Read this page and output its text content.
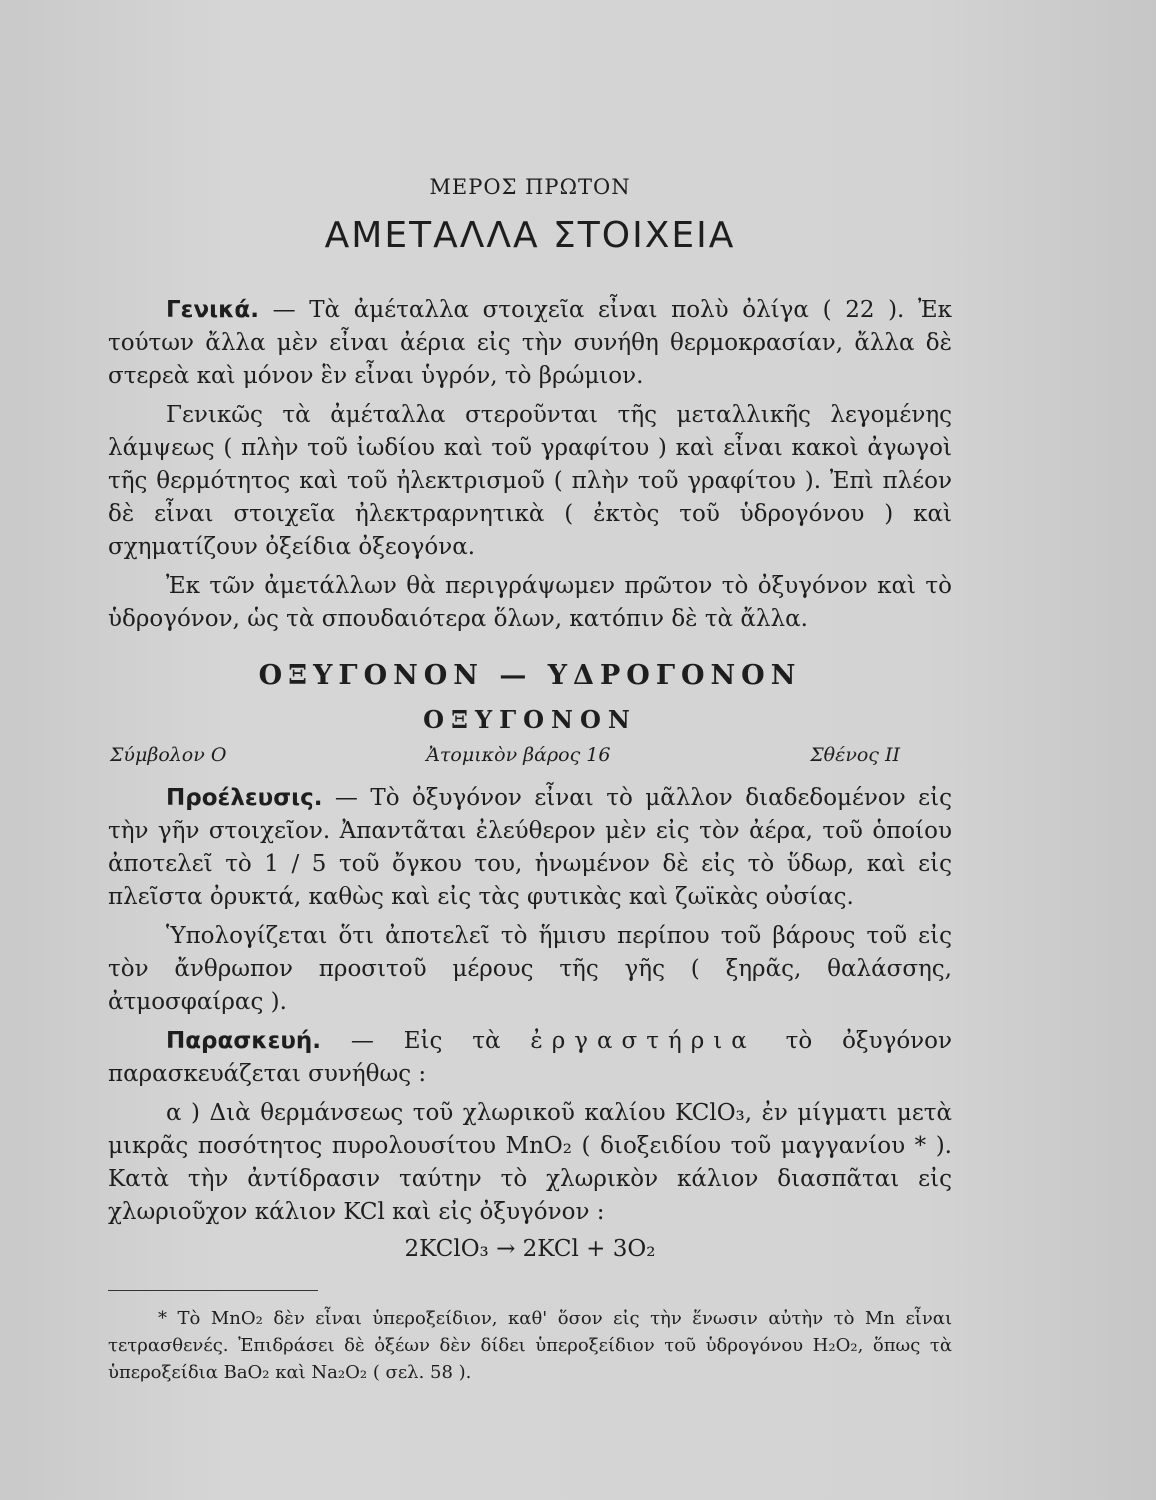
ΜΕΡΟΣ ΠΡΩΤΟΝ
ΑΜΕΤΑΛΛΑ ΣΤΟΙΧΕΙΑ

Γενικά. — Τὰ ἀμέταλλα στοιχεῖα εἶναι πολὺ ὀλίγα ( 22 ). Ἐκ τούτων ἄλλα μὲν εἶναι ἀέρια εἰς τὴν συνήθη θερμοκρασίαν, ἄλλα δὲ στερεὰ καὶ μόνον ἓν εἶναι ὑγρόν, τὸ βρώμιον.

Γενικῶς τὰ ἀμέταλλα στεροῦνται τῆς μεταλλικῆς λεγομένης λάμψεως ( πλὴν τοῦ ἰωδίου καὶ τοῦ γραφίτου ) καὶ εἶναι κακοὶ ἀγωγοὶ τῆς θερμότητος καὶ τοῦ ἠλεκτρισμοῦ ( πλὴν τοῦ γραφίτου ). Ἐπὶ πλέον δὲ εἶναι στοιχεῖα ἠλεκτραρνητικὰ ( ἐκτὸς τοῦ ὑδρογόνου ) καὶ σχηματίζουν ὀξείδια ὀξεογόνα.

Ἐκ τῶν ἀμετάλλων θὰ περιγράψωμεν πρῶτον τὸ ὀξυγόνον καὶ τὸ ὑδρογόνον, ὡς τὰ σπουδαιότερα ὅλων, κατόπιν δὲ τὰ ἄλλα.

ΟΞΥΓΟΝΟΝ — ΥΔΡΟΓΟΝΟΝ
ΟΞΥΓΟΝΟΝ
Σύμβολον Ο	Ἀτομικὸν βάρος 16	Σθένος ΙΙ

Προέλευσις. — Τὸ ὀξυγόνον εἶναι τὸ μᾶλλον διαδεδομένον εἰς τὴν γῆν στοιχεῖον. Ἀπαντᾶται ἐλεύθερον μὲν εἰς τὸν ἀέρα, τοῦ ὁποίου ἀποτελεῖ τὸ 1 / 5 τοῦ ὄγκου του, ἡνωμένον δὲ εἰς τὸ ὕδωρ, καὶ εἰς πλεῖστα ὀρυκτά, καθὼς καὶ εἰς τὰς φυτικὰς καὶ ζωϊκὰς οὐσίας.

Ὑπολογίζεται ὅτι ἀποτελεῖ τὸ ἥμισυ περίπου τοῦ βάρους τοῦ εἰς τὸν ἄνθρωπον προσιτοῦ μέρους τῆς γῆς ( ξηρᾶς, θαλάσσης, ἀτμοσφαίρας ).

Παρασκευή. — Εἰς τὰ ἐργαστήρια τὸ ὀξυγόνον παρασκευάζεται συνήθως :

α ) Διὰ θερμάνσεως τοῦ χλωρικοῦ καλίου KClO₃, ἐν μίγματι μετὰ μικρᾶς ποσότητος πυρολουσίτου MnO₂ ( διοξειδίου τοῦ μαγγανίου * ). Κατὰ τὴν ἀντίδρασιν ταύτην τὸ χλωρικὸν κάλιον διασπᾶται εἰς χλωριοῦχον κάλιον KCl καὶ εἰς ὀξυγόνον :

2KClO₃ → 2KCl + 3O₂

* Τὸ MnO₂ δὲν εἶναι ὑπεροξείδιον, καθ' ὅσον εἰς τὴν ἕνωσιν αὐτὴν τὸ Mn εἶναι τετρασθενές. Ἐπιδράσει δὲ ὀξέων δὲν δίδει ὑπεροξείδιον τοῦ ὑδρογόνου H₂O₂, ὅπως τὰ ὑπεροξείδια BaO₂ καὶ Na₂O₂ ( σελ. 58 ).
